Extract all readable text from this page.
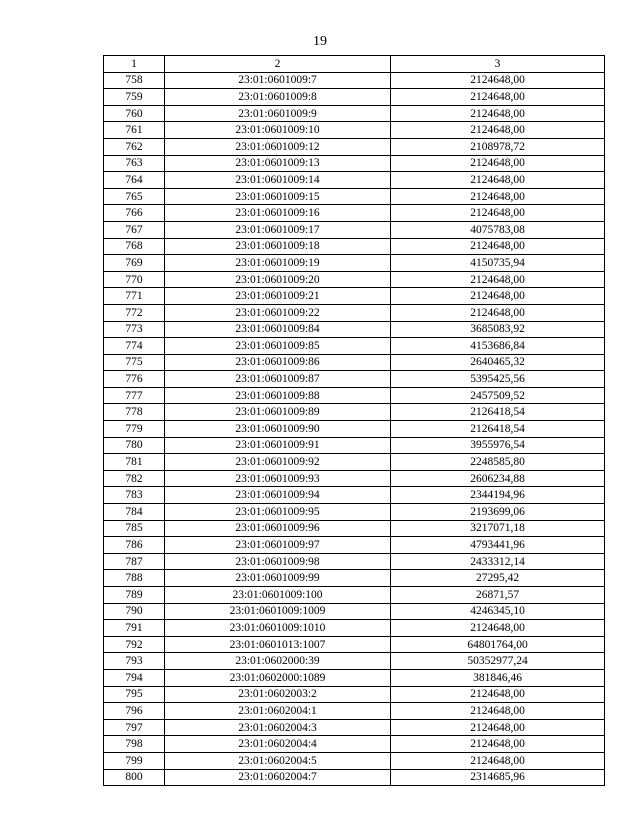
19
1	2	3
758	23:01:0601009:7	2124648,00
759	23:01:0601009:8	2124648,00
760	23:01:0601009:9	2124648,00
761	23:01:0601009:10	2124648,00
762	23:01:0601009:12	2108978,72
763	23:01:0601009:13	2124648,00
764	23:01:0601009:14	2124648,00
765	23:01:0601009:15	2124648,00
766	23:01:0601009:16	2124648,00
767	23:01:0601009:17	4075783,08
768	23:01:0601009:18	2124648,00
769	23:01:0601009:19	4150735,94
770	23:01:0601009:20	2124648,00
771	23:01:0601009:21	2124648,00
772	23:01:0601009:22	2124648,00
773	23:01:0601009:84	3685083,92
774	23:01:0601009:85	4153686,84
775	23:01:0601009:86	2640465,32
776	23:01:0601009:87	5395425,56
777	23:01:0601009:88	2457509,52
778	23:01:0601009:89	2126418,54
779	23:01:0601009:90	2126418,54
780	23:01:0601009:91	3955976,54
781	23:01:0601009:92	2248585,80
782	23:01:0601009:93	2606234,88
783	23:01:0601009:94	2344194,96
784	23:01:0601009:95	2193699,06
785	23:01:0601009:96	3217071,18
786	23:01:0601009:97	4793441,96
787	23:01:0601009:98	2433312,14
788	23:01:0601009:99	27295,42
789	23:01:0601009:100	26871,57
790	23:01:0601009:1009	4246345,10
791	23:01:0601009:1010	2124648,00
792	23:01:0601013:1007	64801764,00
793	23:01:0602000:39	50352977,24
794	23:01:0602000:1089	381846,46
795	23:01:0602003:2	2124648,00
796	23:01:0602004:1	2124648,00
797	23:01:0602004:3	2124648,00
798	23:01:0602004:4	2124648,00
799	23:01:0602004:5	2124648,00
800	23:01:0602004:7	2314685,96
